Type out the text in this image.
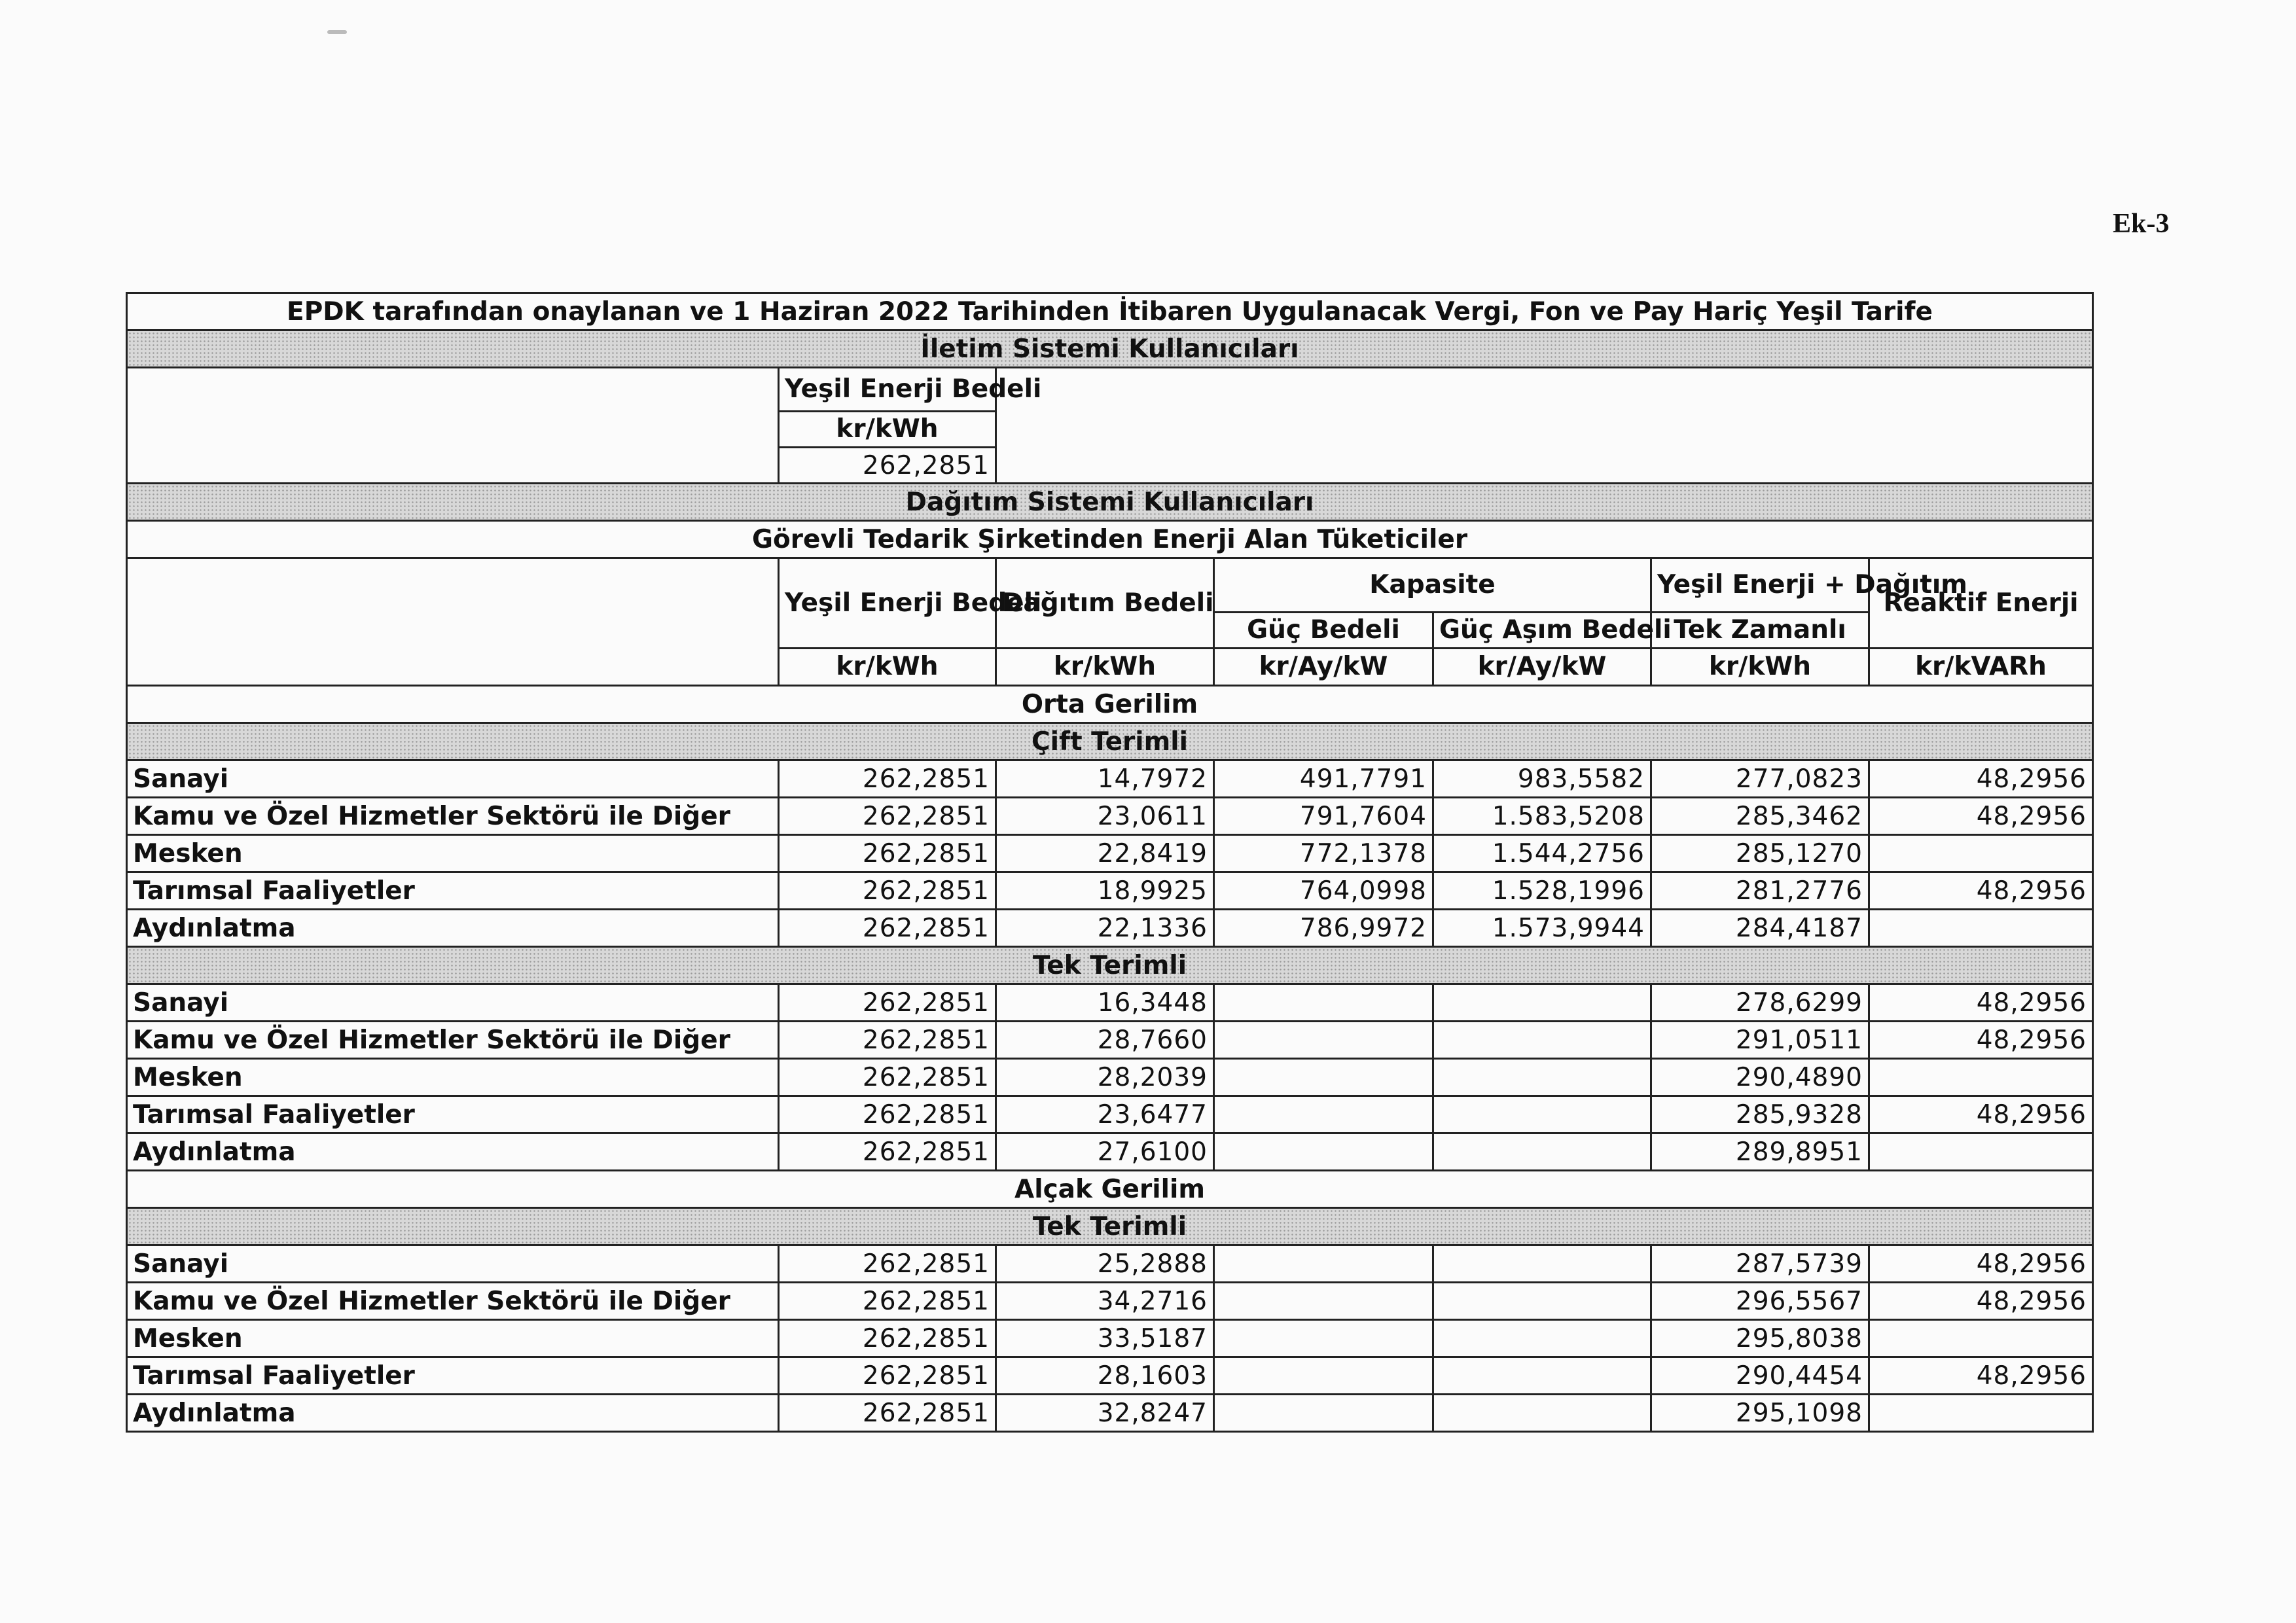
Ek-3
EPDK tarafından onaylanan ve 1 Haziran 2022 Tarihinden İtibaren Uygulanacak Vergi, Fon ve Pay Hariç Yeşil Tarife						
İletim Sistemi Kullanıcıları						
	Yeşil Enerji Bedeli					
	kr/kWh					
	262,2851					
Dağıtım Sistemi Kullanıcıları						
Görevli Tedarik Şirketinden Enerji Alan Tüketiciler						
	Yeşil Enerji Bedeli	Dağıtım Bedeli	Kapasite		Yeşil Enerji + Dağıtım	Reaktif Enerji
			Güç Bedeli	Güç Aşım Bedeli	Tek Zamanlı	
	kr/kWh	kr/kWh	kr/Ay/kW	kr/Ay/kW	kr/kWh	kr/kVARh
Orta Gerilim						
Çift Terimli						
Sanayi	262,2851	14,7972	491,7791	983,5582	277,0823	48,2956
Kamu ve Özel Hizmetler Sektörü ile Diğer	262,2851	23,0611	791,7604	1.583,5208	285,3462	48,2956
Mesken	262,2851	22,8419	772,1378	1.544,2756	285,1270	
Tarımsal Faaliyetler	262,2851	18,9925	764,0998	1.528,1996	281,2776	48,2956
Aydınlatma	262,2851	22,1336	786,9972	1.573,9944	284,4187	
Tek Terimli						
Sanayi	262,2851	16,3448			278,6299	48,2956
Kamu ve Özel Hizmetler Sektörü ile Diğer	262,2851	28,7660			291,0511	48,2956
Mesken	262,2851	28,2039			290,4890	
Tarımsal Faaliyetler	262,2851	23,6477			285,9328	48,2956
Aydınlatma	262,2851	27,6100			289,8951	
Alçak Gerilim						
Tek Terimli						
Sanayi	262,2851	25,2888			287,5739	48,2956
Kamu ve Özel Hizmetler Sektörü ile Diğer	262,2851	34,2716			296,5567	48,2956
Mesken	262,2851	33,5187			295,8038	
Tarımsal Faaliyetler	262,2851	28,1603			290,4454	48,2956
Aydınlatma	262,2851	32,8247			295,1098	
